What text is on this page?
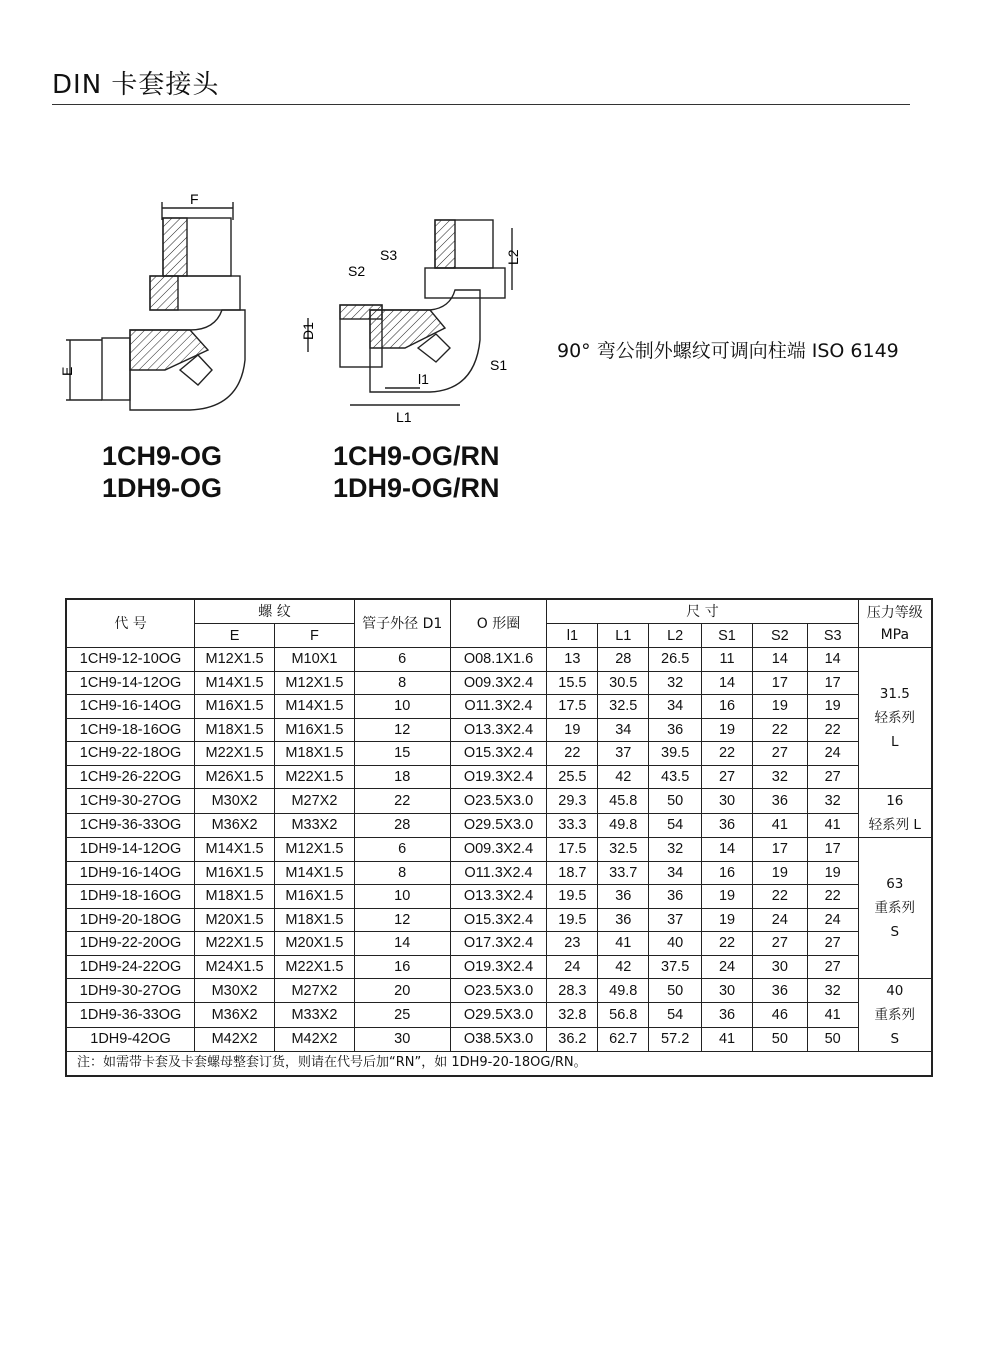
DIN 卡套接头
F
E
S2
S3	L2
D1
S1
l1
L1
1CH9-OG
1DH9-OG
1CH9-OG/RN
1DH9-OG/RN
90° 弯公制外螺纹可调向柱端 ISO 6149
代 号	螺 纹		管子外径 D1	O 形圈	尺 寸						压力等级
MPa

	E	F			l1	L1	L2	S1	S2	S3	
1CH9-12-10OG	M12X1.5	M10X1	6	O08.1X1.6	13	28	26.5	11	14	14	31.5
轻系列
L

1CH9-14-12OG	M14X1.5	M12X1.5	8	O09.3X2.4	15.5	30.5	32	14	17	17	
1CH9-16-14OG	M16X1.5	M14X1.5	10	O11.3X2.4	17.5	32.5	34	16	19	19	
1CH9-18-16OG	M18X1.5	M16X1.5	12	O13.3X2.4	19	34	36	19	22	22	
1CH9-22-18OG	M22X1.5	M18X1.5	15	O15.3X2.4	22	37	39.5	22	27	24	
1CH9-26-22OG	M26X1.5	M22X1.5	18	O19.3X2.4	25.5	42	43.5	27	32	27	
1CH9-30-27OG	M30X2	M27X2	22	O23.5X3.0	29.3	45.8	50	30	36	32	16
轻系列 L

1CH9-36-33OG	M36X2	M33X2	28	O29.5X3.0	33.3	49.8	54	36	41	41	
1DH9-14-12OG	M14X1.5	M12X1.5	6	O09.3X2.4	17.5	32.5	32	14	17	17	63
重系列
S

1DH9-16-14OG	M16X1.5	M14X1.5	8	O11.3X2.4	18.7	33.7	34	16	19	19	
1DH9-18-16OG	M18X1.5	M16X1.5	10	O13.3X2.4	19.5	36	36	19	22	22	
1DH9-20-18OG	M20X1.5	M18X1.5	12	O15.3X2.4	19.5	36	37	19	24	24	
1DH9-22-20OG	M22X1.5	M20X1.5	14	O17.3X2.4	23	41	40	22	27	27	
1DH9-24-22OG	M24X1.5	M22X1.5	16	O19.3X2.4	24	42	37.5	24	30	27	
1DH9-30-27OG	M30X2	M27X2	20	O23.5X3.0	28.3	49.8	50	30	36	32	40
重系列
S

1DH9-36-33OG	M36X2	M33X2	25	O29.5X3.0	32.8	56.8	54	36	46	41	
1DH9-42OG	M42X2	M42X2	30	O38.5X3.0	36.2	62.7	57.2	41	50	50	
注：如需带卡套及卡套螺母整套订货，则请在代号后加“RN”，如 1DH9-20-18OG/RN。											
